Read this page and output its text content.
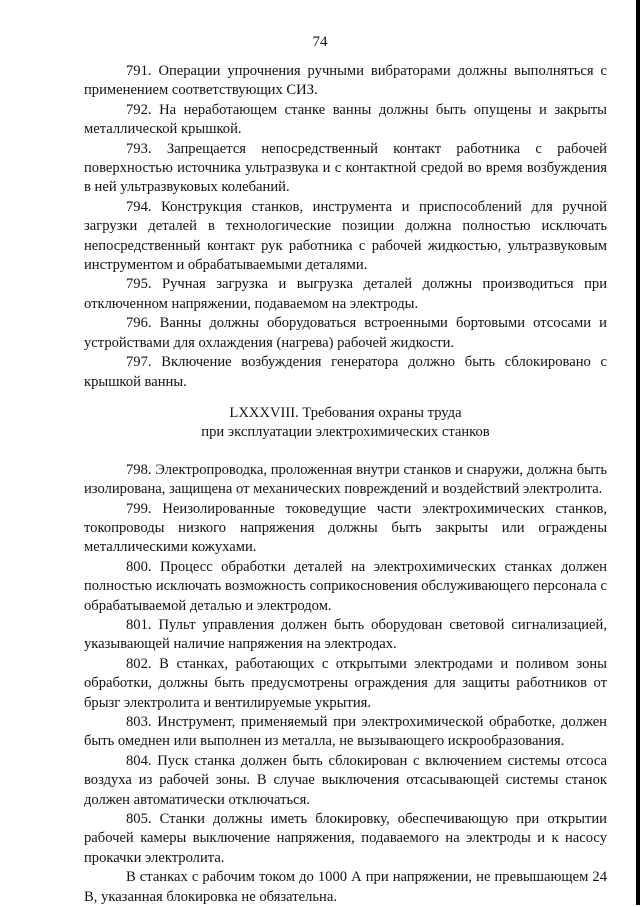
74

791. Операции упрочнения ручными вибраторами должны выполняться с применением соответствующих СИЗ.

792. На неработающем станке ванны должны быть опущены и закрыты металлической крышкой.

793. Запрещается непосредственный контакт работника с рабочей поверхностью источника ультразвука и с контактной средой во время возбуждения в ней ультразвуковых колебаний.

794. Конструкция станков, инструмента и приспособлений для ручной загрузки деталей в технологические позиции должна полностью исключать непосредственный контакт рук работника с рабочей жидкостью, ультразвуковым инструментом и обрабатываемыми деталями.

795. Ручная загрузка и выгрузка деталей должны производиться при отключенном напряжении, подаваемом на электроды.

796. Ванны должны оборудоваться встроенными бортовыми отсосами и устройствами для охлаждения (нагрева) рабочей жидкости.

797. Включение возбуждения генератора должно быть сблокировано с крышкой ванны.

LXXXVIII. Требования охраны труда

при эксплуатации электрохимических станков

798. Электропроводка, проложенная внутри станков и снаружи, должна быть изолирована, защищена от механических повреждений и воздействий электролита.

799. Неизолированные токоведущие части электрохимических станков, токопроводы низкого напряжения должны быть закрыты или ограждены металлическими кожухами.

800. Процесс обработки деталей на электрохимических станках должен полностью исключать возможность соприкосновения обслуживающего персонала с обрабатываемой деталью и электродом.

801. Пульт управления должен быть оборудован световой сигнализацией, указывающей наличие напряжения на электродах.

802. В станках, работающих с открытыми электродами и поливом зоны обработки, должны быть предусмотрены ограждения для защиты работников от брызг электролита и вентилируемые укрытия.

803. Инструмент, применяемый при электрохимической обработке, должен быть омеднен или выполнен из металла, не вызывающего искрообразования.

804. Пуск станка должен быть сблокирован с включением системы отсоса воздуха из рабочей зоны. В случае выключения отсасывающей системы станок должен автоматически отключаться.

805. Станки должны иметь блокировку, обеспечивающую при открытии рабочей камеры выключение напряжения, подаваемого на электроды и к насосу прокачки электролита.

В станках с рабочим током до 1000 А при напряжении, не превышающем 24 В, указанная блокировка не обязательна.
